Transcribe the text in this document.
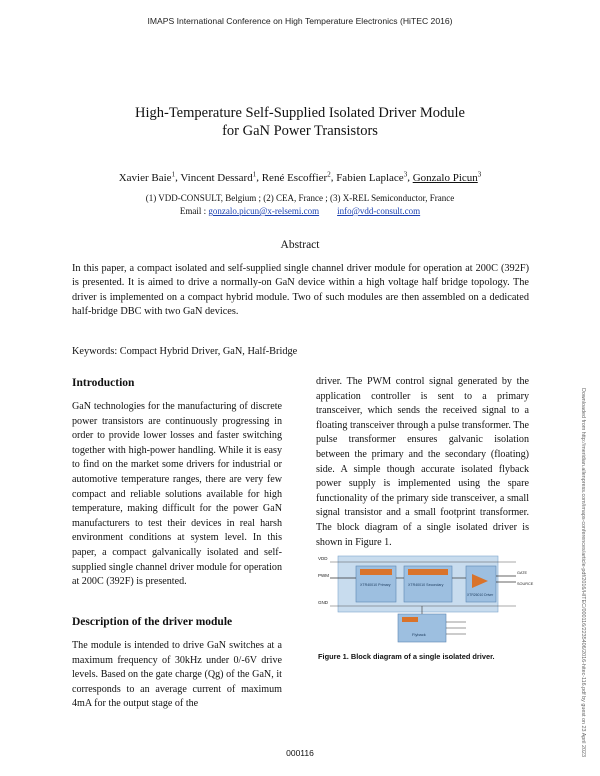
IMAPS International Conference on High Temperature Electronics (HiTEC 2016)
High-Temperature Self-Supplied Isolated Driver Module
for GaN Power Transistors
Xavier Baie$^1$, Vincent Dessard$^1$, René Escoffier$^2$, Fabien Laplace$^3$, Gonzalo Picun$^3$
(1) VDD-CONSULT, Belgium ; (2) CEA, France ; (3) X-REL Semiconductor, France
Email : gonzalo.picun@x-relsemi.com info@vdd-consult.com
Abstract
In this paper, a compact isolated and self-supplied single channel driver module for operation at 200C (392F) is presented. It is aimed to drive a normally-on GaN device within a high voltage half bridge topology. The driver is implemented on a compact hybrid module. Two of such modules are then assembled on a dedicated half-bridge DBC with two GaN devices.
Keywords: Compact Hybrid Driver, GaN, Half-Bridge
Introduction
GaN technologies for the manufacturing of discrete power transistors are continuously progressing in order to provide lower losses and faster switching together with high-power handling. While it is easy to find on the market some drivers for industrial or automotive temperature ranges, there are very few compact and reliable solutions available for high temperature, making difficult for the power GaN manufacturers to test their devices in real harsh environment conditions at system level. In this paper, a compact galvanically isolated and self-supplied single channel driver module for operation at 200C (392F) is presented.
Description of the driver module
The module is intended to drive GaN switches at a maximum frequency of 30kHz under 0/-6V drive levels. Based on the gate charge (Qg) of the GaN, it corresponds to an average current of maximum 4mA for the output stage of the
driver. The PWM control signal generated by the application controller is sent to a primary transceiver, which sends the received signal to a floating transceiver through a pulse transformer. The pulse transformer ensures galvanic isolation between the primary and the secondary (floating) side. A simple though accurate isolated flyback power supply is implemented using the spare functionality of the primary side transceiver, a small signal transistor and a small footprint transformer. The block diagram of a single isolated driver is shown in Figure 1.
VDD
PWM
GND
XTR40010 Primary	XTR40010 Secondary
XTR26010 Driver
Flyback
GATE
SOURCE
Figure 1. Block diagram of a single isolated driver.	Downloaded from http://meridian.allenpress.com/imaps-conferences/article-pdf/2016/HITEC/000116/2235406/2016-hitec-116.pdf by guest on 23 April 2023
000116
